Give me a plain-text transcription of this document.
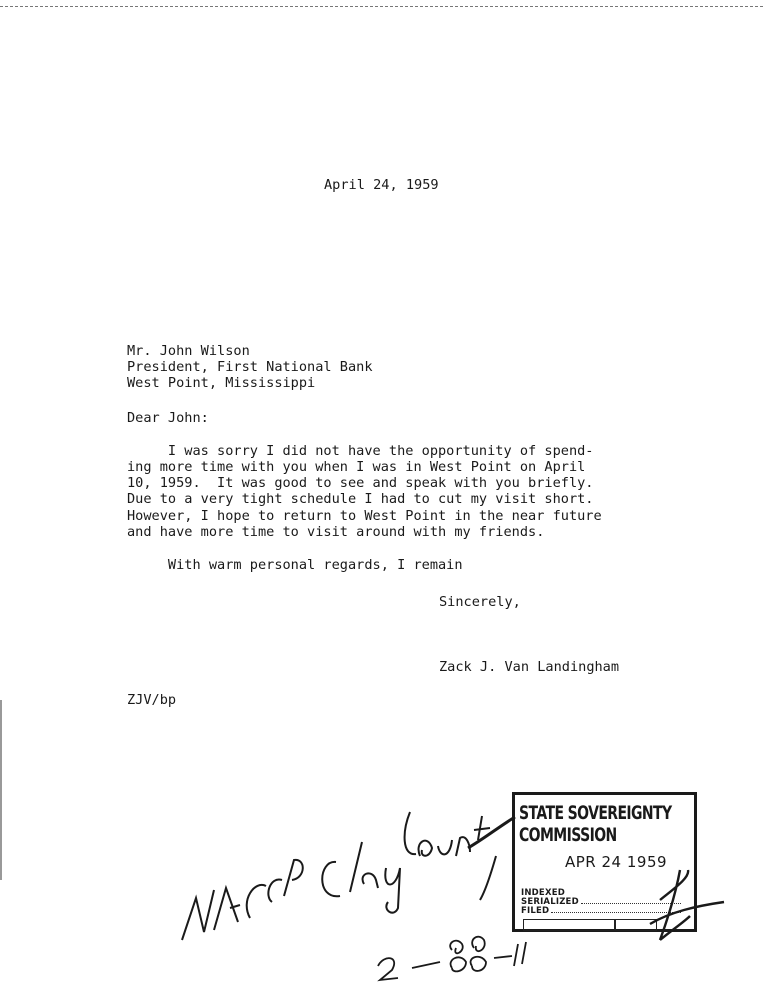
April 24, 1959
Mr. John Wilson
President, First National Bank
West Point, Mississippi
Dear John:
I was sorry I did not have the opportunity of spend-
ing more time with you when I was in West Point on April
10, 1959.  It was good to see and speak with you briefly.
Due to a very tight schedule I had to cut my visit short.
However, I hope to return to West Point in the near future
and have more time to visit around with my friends.
With warm personal regards, I remain
Sincerely,
Zack J. Van Landingham
ZJV/bp
STATE SOVEREIGNTY COMMISSION
APR 24 1959
INDEXED
SERIALIZED
FILED
